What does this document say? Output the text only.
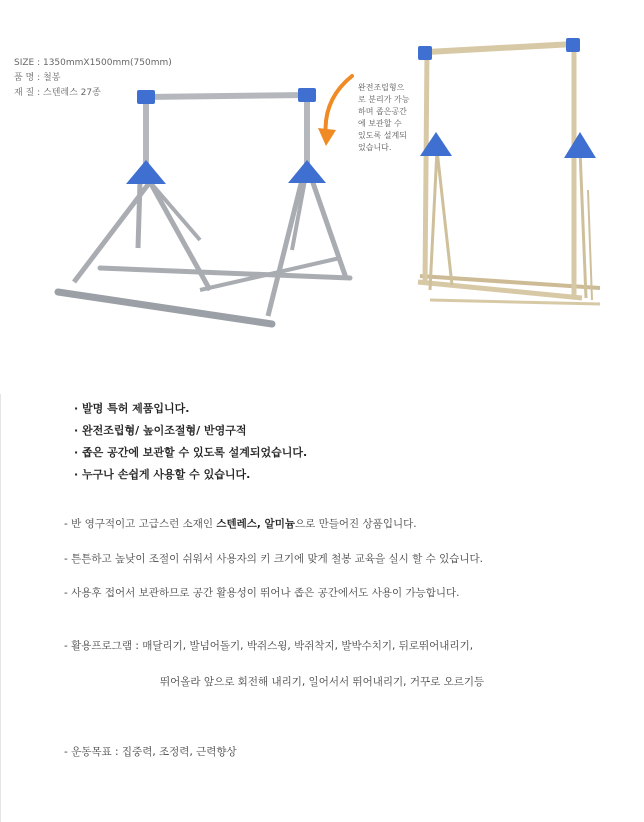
SIZE : 1350mmX1500mm(750mm)
품 명 : 철봉
재 질 : 스텐레스 27종
완전조립형으
로 분리가 가능
하며 좁은공간
에 보관할 수
있도록 설계되
었습니다.
· 발명 특허 제품입니다.
· 완전조립형/ 높이조절형/ 반영구적
· 좁은 공간에 보관할 수 있도록 설계되었습니다.
· 누구나 손쉽게 사용할 수 있습니다.
- 반 영구적이고 고급스런 소재인 스텐레스, 알미늄으로 만들어진 상품입니다.
- 튼튼하고 높낮이 조절이 쉬워서 사용자의 키 크기에 맞게 철봉 교육을 실시 할 수 있습니다.
- 사용후 접어서 보관하므로 공간 활용성이 뛰어나 좁은 공간에서도 사용이 가능합니다.
- 활용프로그램 : 매달리기, 발넘어돌기, 박쥐스윙, 박쥐착지, 발박수치기, 뒤로뛰어내리기,
뛰어올라 앞으로 회전해 내리기, 일어서서 뛰어내리기, 거꾸로 오르기등
- 운동목표 : 집중력, 조정력, 근력향상
